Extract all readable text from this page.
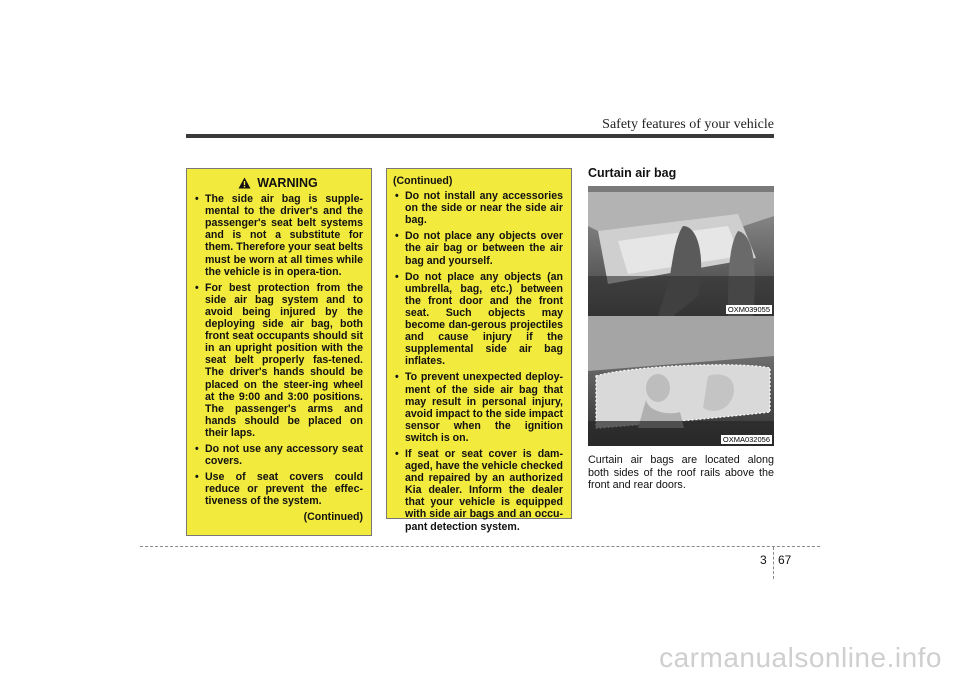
Safety features of your vehicle
WARNING
• The side air bag is supple-mental to the driver's and the passenger's seat belt systems and is not a substitute for them. Therefore your seat belts must be worn at all times while the vehicle is in opera-tion.
• For best protection from the side air bag system and to avoid being injured by the deploying side air bag, both front seat occupants should sit in an upright position with the seat belt properly fas-tened. The driver's hands should be placed on the steer-ing wheel at the 9:00 and 3:00 positions. The passenger's arms and hands should be placed on their laps.
• Do not use any accessory seat covers.
• Use of seat covers could reduce or prevent the effec-tiveness of the system.
(Continued)
(Continued)
• Do not install any accessories on the side or near the side air bag.
• Do not place any objects over the air bag or between the air bag and yourself.
• Do not place any objects (an umbrella, bag, etc.) between the front door and the front seat. Such objects may become dan-gerous projectiles and cause injury if the supplemental side air bag inflates.
• To prevent unexpected deploy-ment of the side air bag that may result in personal injury, avoid impact to the side impact sensor when the ignition switch is on.
• If seat or seat cover is dam-aged, have the vehicle checked and repaired by an authorized Kia dealer. Inform the dealer that your vehicle is equipped with side air bags and an occu-pant detection system.
Curtain air bag
OXM039055
OXMA032056
Curtain air bags are located along both sides of the roof rails above the front and rear doors.
3 67
carmanualsonline.info
